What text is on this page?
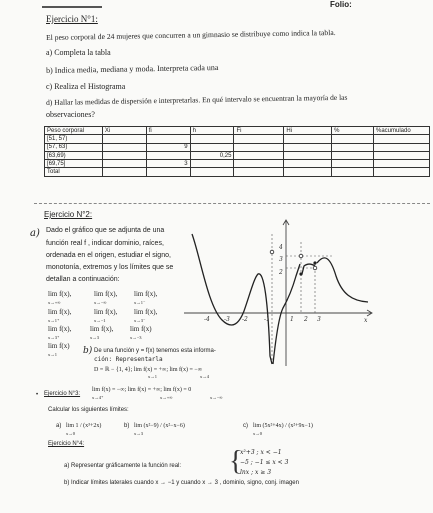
Folio:
Ejercicio N°1:
El peso corporal de 24 mujeres que concurren a un gimnasio se distribuye como indica la tabla.
a) Completa la tabla
b) Indica media, mediana y moda. Interpreta cada una
c) Realiza el Histograma
d) Hallar las medidas de dispersión e interpretarlas. En qué intervalo se encuentran la mayoría de las
observaciones?
Peso corporal	Xi	fi	h	Fi	Hi	%	%acumulado
[51, 57)							
[57, 63)		9					
[63,69)			0,25				
[69,75]		3					
Total							
a)
Ejercicio N°2:
Dado el gráfico que se adjunta de una
función real f , indicar dominio, raíces,
ordenada en el origen, estudiar el signo,
monotonía, extremos y los límites que se
detallan a continuación:
lim f(x),	lim f(x), lim f(x),
x→+∞	x→−∞	x→1⁻
lim f(x),	lim f(x), lim f(x),
x→1⁺	x→−1	x→3⁻
lim f(x),	lim f(x), lim f(x)
x→3⁺	x→3	x→−3
lim f(x)
x→1
-4 -3 -2	-1	1 2 3	x
4
3
2
b) De una función y = f(x) tenemos esta informa-
ción: Representarla
D = ℝ − {1, 4}; lim f(x) = +∞; lim f(x) = −∞
x→1	x→4
• Ejercicio N°3:
lim f(x) = −∞; lim f(x) = +∞; lim f(x) = 0
x→4⁺	x→+∞	x→−∞
Calcular los siguientes límites:
a) lim 1 / (x³+2x)
x→0
b) lim (x²−9) / (x²−x−6)
x→3
c) lim (5x²+4x) / (x²+9x−1)
x→0
Ejercicio N°4:
a) Representar gráficamente la función real: {
x²+3 ; x < −1
−5 ; −1 ≤ x < 3
lnx ; x ≥ 3
b) Indicar límites laterales cuando x → −1 y cuando x → 3 , dominio, signo, conj. imagen
